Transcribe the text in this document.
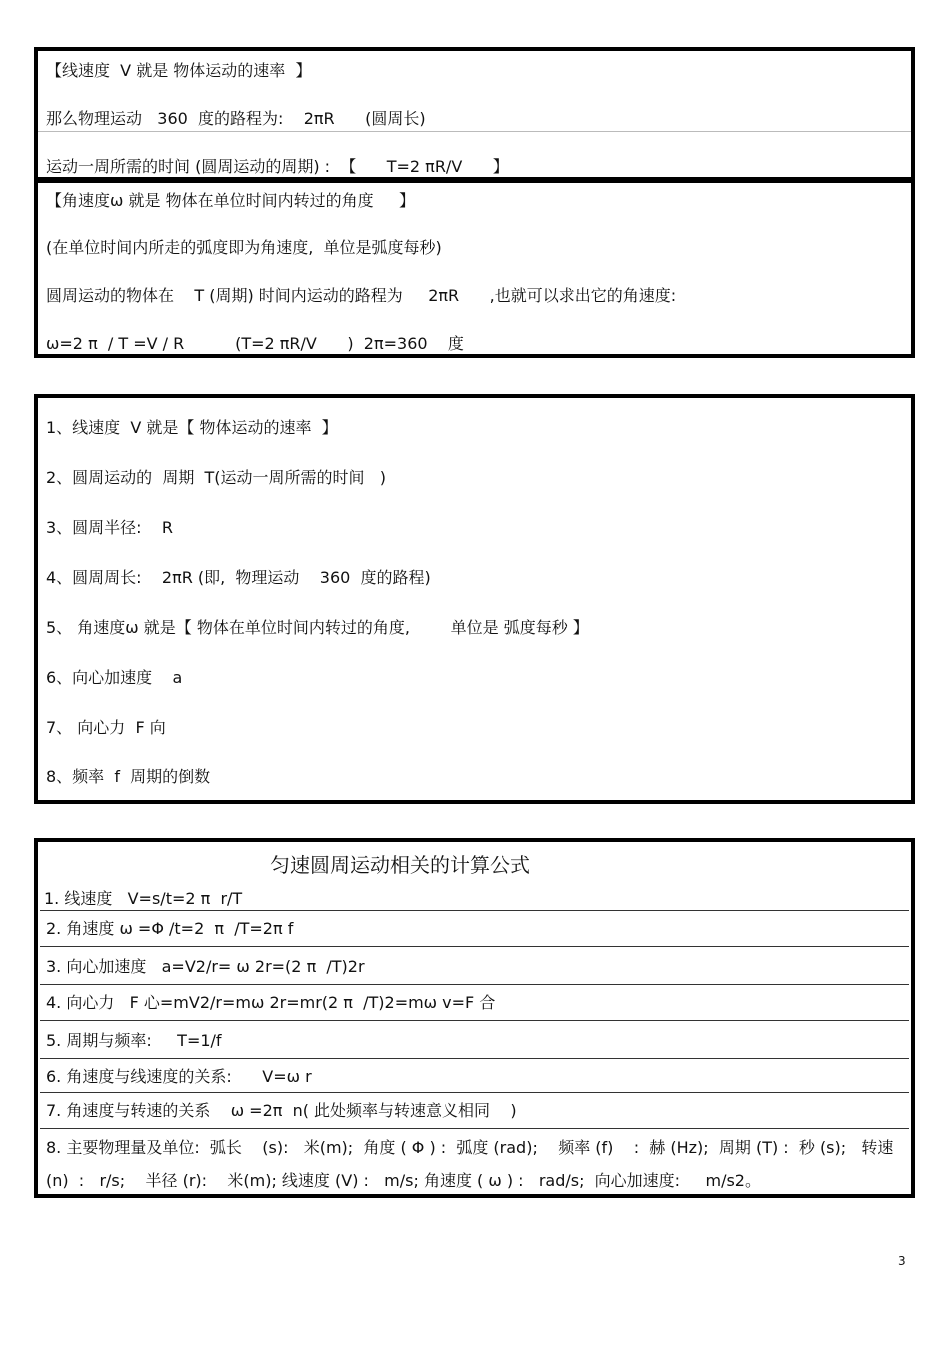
【线速度  V 就是 物体运动的速率  】
那么物理运动   360  度的路程为:    2πR      (圆周长)
运动一周所需的时间 (圆周运动的周期) :  【      T=2 πR/V      】
【角速度ω 就是 物体在单位时间内转过的角度     】
(在单位时间内所走的弧度即为角速度,  单位是弧度每秒)
圆周运动的物体在    T (周期) 时间内运动的路程为     2πR      ,也就可以求出它的角速度:
ω=2 π  / T =V / R          (T=2 πR/V      )  2π=360    度
1、线速度  V 就是【 物体运动的速率  】
2、圆周运动的  周期  T(运动一周所需的时间   )
3、圆周半径:    R
4、圆周周长:    2πR (即,  物理运动    360  度的路程)
5、 角速度ω 就是【 物体在单位时间内转过的角度,        单位是 弧度每秒 】
6、向心加速度    a
7、 向心力  F 向
8、频率  f  周期的倒数
匀速圆周运动相关的计算公式
1. 线速度   V=s/t=2 π  r/T
2. 角速度 ω =Φ /t=2  π  /T=2π f
3. 向心加速度   a=V2/r= ω 2r=(2 π  /T)2r
4. 向心力   F 心=mV2/r=mω 2r=mr(2 π  /T)2=mω v=F 合
5. 周期与频率:     T=1/f
6. 角速度与线速度的关系:      V=ω r
7. 角速度与转速的关系    ω =2π  n( 此处频率与转速意义相同    )
8. 主要物理量及单位:  弧长    (s):   米(m);  角度 ( Φ ) :  弧度 (rad);    频率 (f)    :  赫 (Hz);  周期 (T) :  秒 (s);   转速
(n)  :   r/s;    半径 (r):    米(m); 线速度 (V) :   m/s; 角速度 ( ω ) :   rad/s;  向心加速度:     m/s2。
3
